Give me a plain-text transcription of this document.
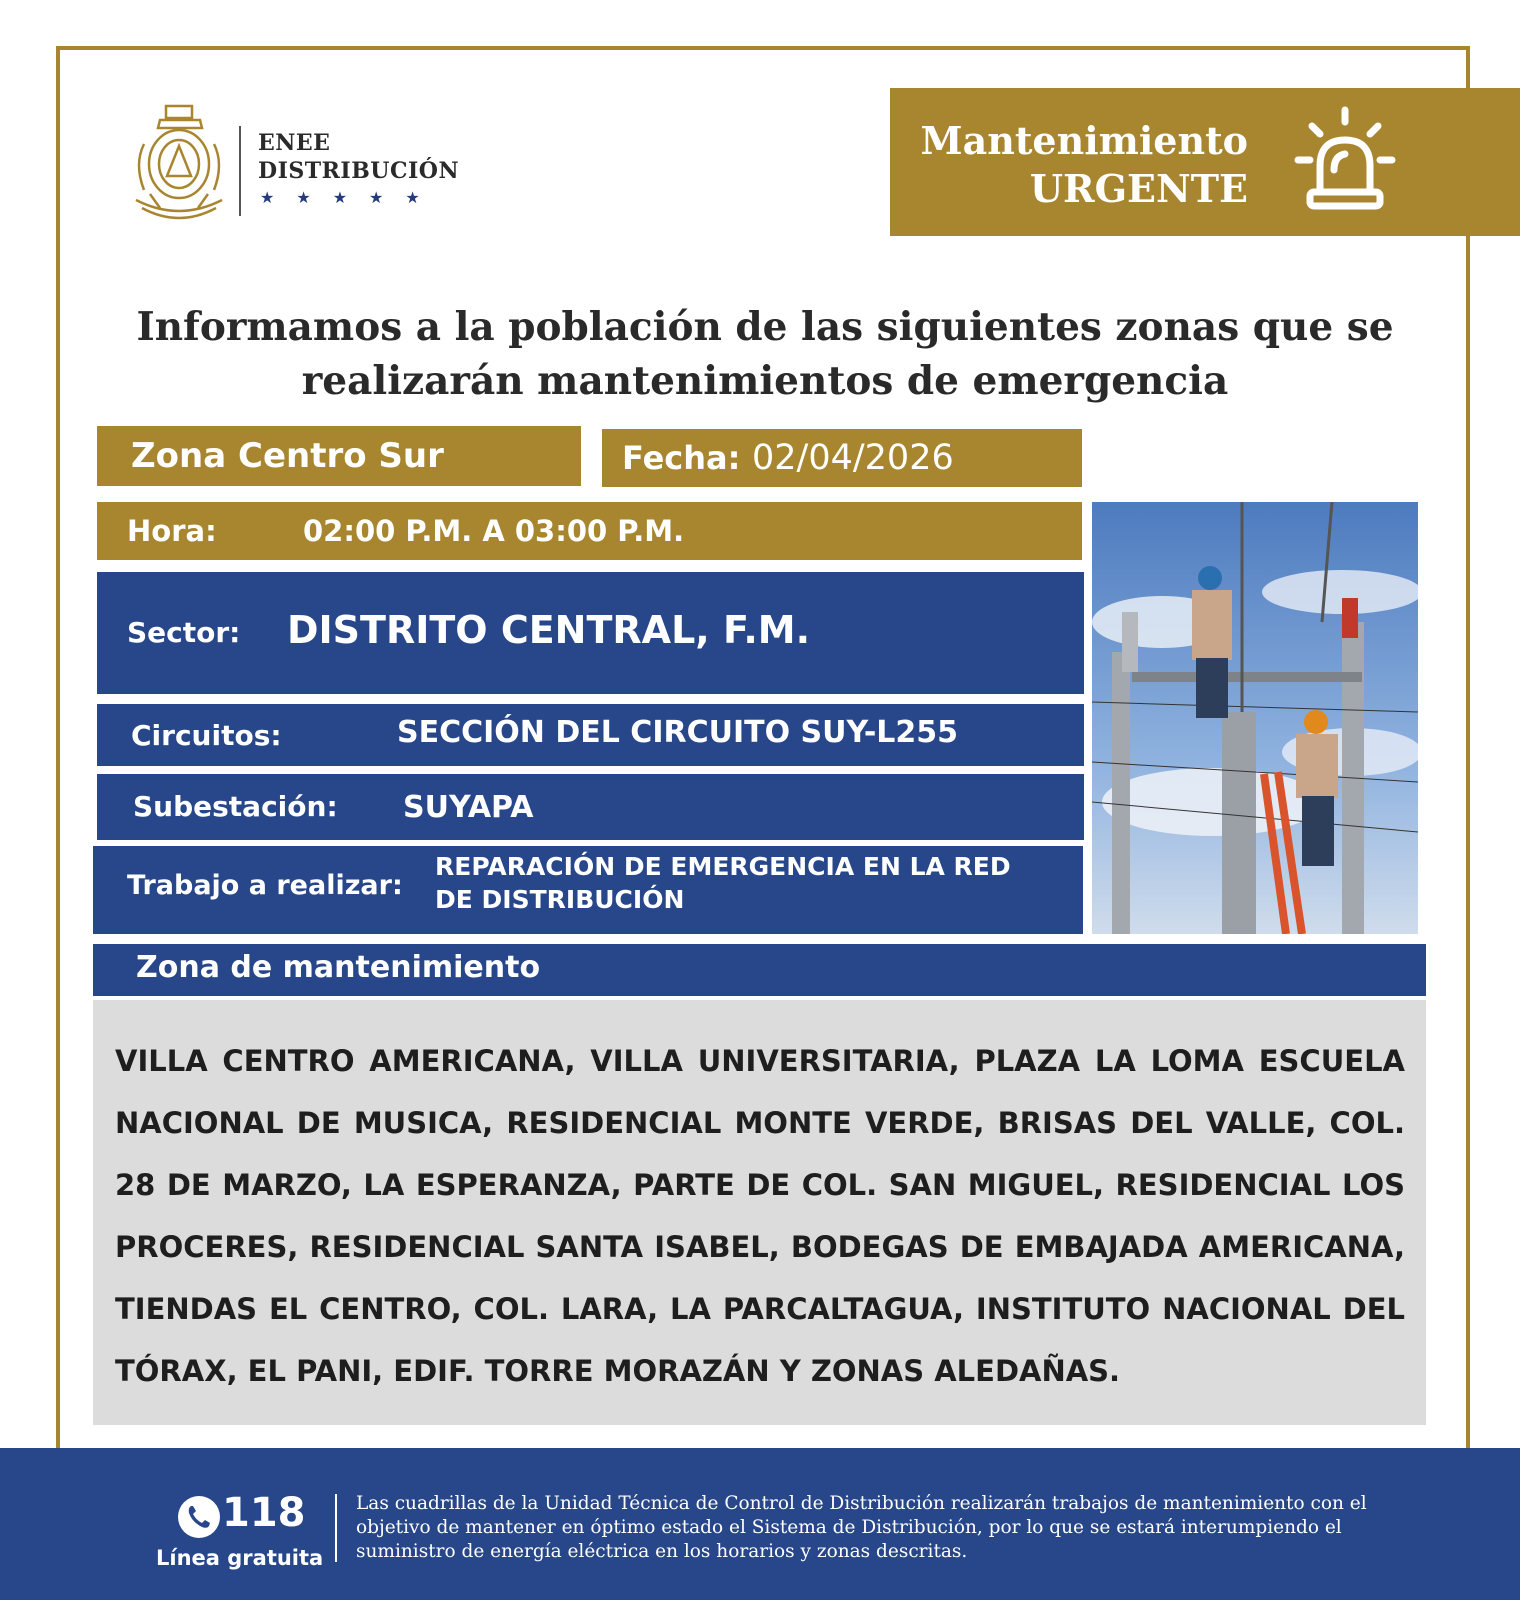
ENEE
DISTRIBUCIÓN
★★★★★
Mantenimiento
URGENTE
Informamos a la población de las siguientes zonas que se realizarán mantenimientos de emergencia
Zona Centro Sur	Fecha: 02/04/2026
Hora:	02:00 P.M. A 03:00 P.M.
Sector: DISTRITO CENTRAL, F.M.
Circuitos:	SECCIÓN DEL CIRCUITO SUY-L255
Subestación: SUYAPA
Trabajo a realizar:
REPARACIÓN DE EMERGENCIA EN LA RED
DE DISTRIBUCIÓN
Zona de mantenimiento
VILLA CENTRO AMERICANA, VILLA UNIVERSITARIA, PLAZA LA LOMA ESCUELA NACIONAL DE MUSICA, RESIDENCIAL MONTE VERDE, BRISAS DEL VALLE, COL. 28 DE MARZO, LA ESPERANZA, PARTE DE COL. SAN MIGUEL, RESIDENCIAL LOS PROCERES, RESIDENCIAL SANTA ISABEL, BODEGAS DE EMBAJADA AMERICANA, TIENDAS EL CENTRO, COL. LARA, LA PARCALTAGUA, INSTITUTO NACIONAL DEL TÓRAX, EL PANI, EDIF. TORRE MORAZÁN Y ZONAS ALEDAÑAS.
118
Línea gratuita
Las cuadrillas de la Unidad Técnica de Control de Distribución realizarán trabajos de mantenimiento con el objetivo de mantener en óptimo estado el Sistema de Distribución, por lo que se estará interumpiendo el suministro de energía eléctrica en los horarios y zonas descritas.
